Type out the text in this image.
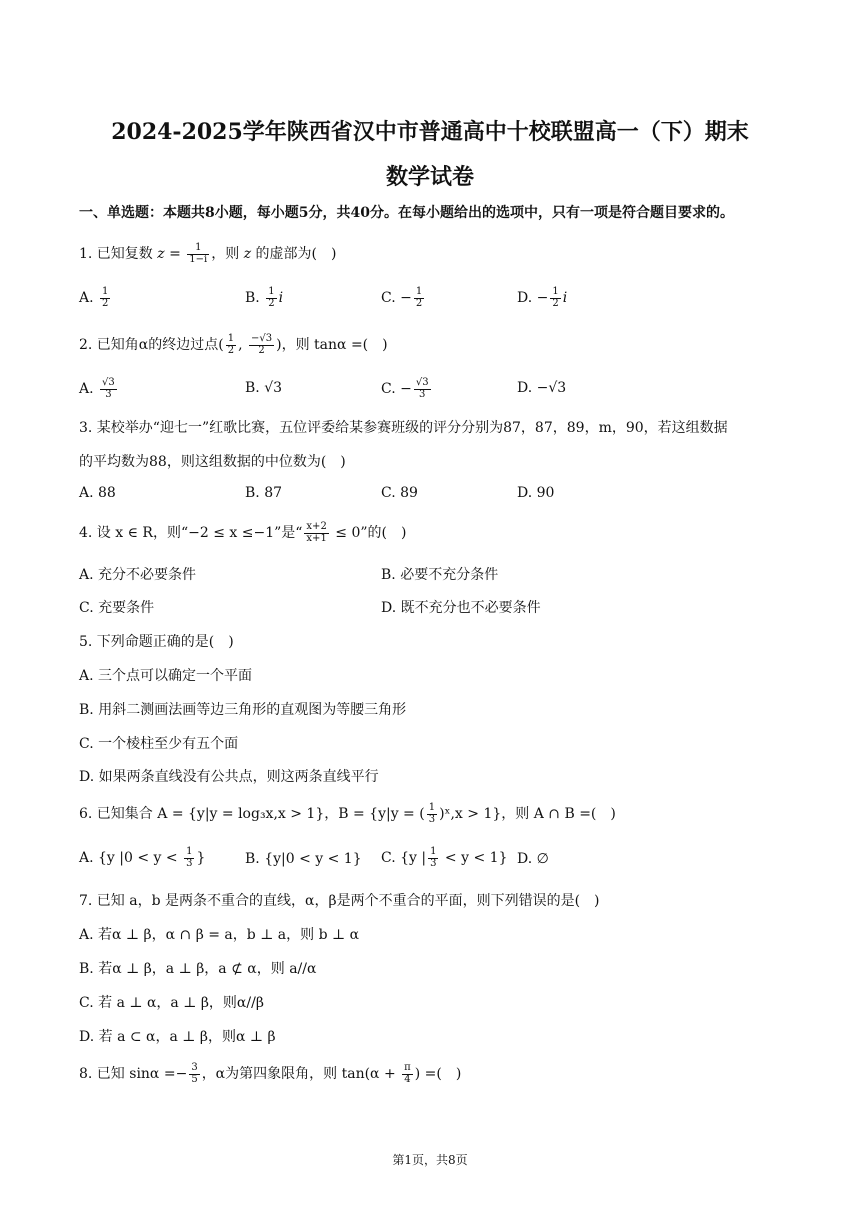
2024-2025学年陕西省汉中市普通高中十校联盟高一（下）期末
数学试卷
一、单选题：本题共8小题，每小题5分，共40分。在每小题给出的选项中，只有一项是符合题目要求的。
1. 已知复数 $z = \frac{1}{1-i}$ ，则 z 的虚部为(　)
A. $\frac{1}{2}$	B. $\frac{1}{2}$ i	C. − $\frac{1}{2}$	D. − $\frac{1}{2}$ i
2. 已知角α的终边过点( $\frac{1}{2}$ , $\frac{-√3}{2}$ )，则 tanα =(　)
A. $\frac{√3}{3}$	B. √3	C. − $\frac{√3}{3}$	D. −√3
3. 某校举办“迎七一”红歌比赛，五位评委给某参赛班级的评分分别为87，87，89，m，90，若这组数据
的平均数为88，则这组数据的中位数为(　)
A. 88	B. 87	C. 89	D. 90
4. 设 x ∈ R，则“−2 ≤ x ≤−1”是“ $\frac{x+2}{x+1} \le 0$”的(　)
A. 充分不必要条件	B. 必要不充分条件
C. 充要条件	D. 既不充分也不必要条件
5. 下列命题正确的是(　)
A. 三个点可以确定一个平面
B. 用斜二测画法画等边三角形的直观图为等腰三角形
C. 一个棱柱至少有五个面
D. 如果两条直线没有公共点，则这两条直线平行
6. 已知集合 A = {y|y = log₃x,x > 1}，B = {y|y = ( $\frac{1}{3}$ )ˣ,x > 1}，则 A ∩ B =(　)
A. {y $|0 < y < \frac{1}{3}$ }	B. {y|0 < y < 1} C. {y | $\frac{1}{3} < y < 1$} D. ∅
7. 已知 a，b 是两条不重合的直线，α，β是两个不重合的平面，则下列错误的是(　)
A. 若α ⊥ β，α ∩ β = a，b ⊥ a，则 b ⊥ α
B. 若α ⊥ β，a ⊥ β，a ⊄ α，则 a//α
C. 若 a ⊥ α，a ⊥ β，则α//β
D. 若 a ⊂ α，a ⊥ β，则α ⊥ β
8. 已知 $\sin\alpha =- \frac{3}{5}$ ，α为第四象限角，则 $\tan(\alpha + \frac{\pi}{4}$ ) =(　)
第1页，共8页
